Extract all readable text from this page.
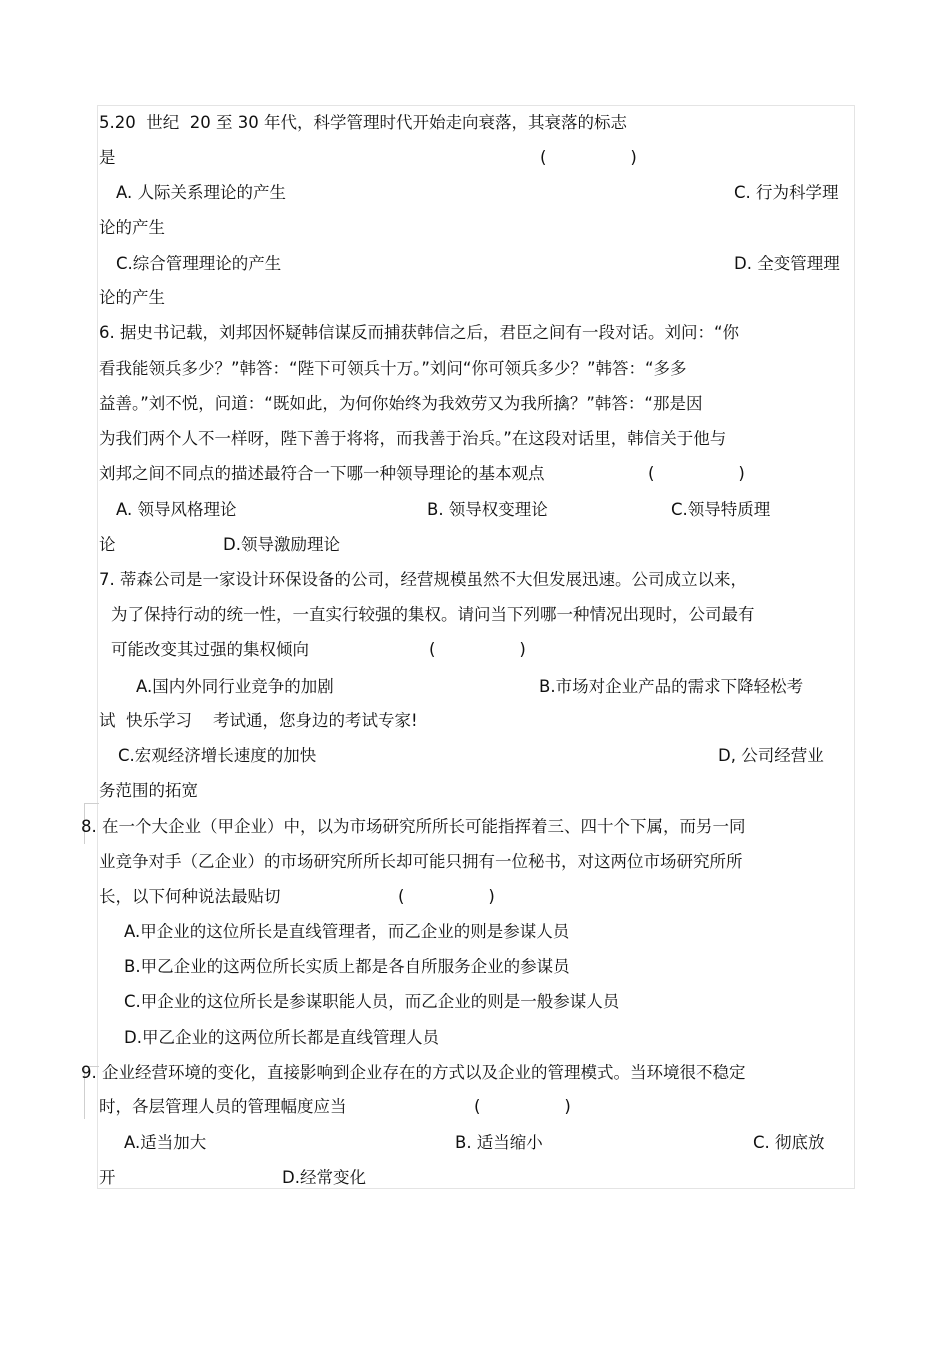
5.20  世纪  20 至 30 年代，科学管理时代开始走向衰落，其衰落的标志
是	(                )
A. 人际关系理论的产生	C. 行为科学理
论的产生
C.综合管理理论的产生	D. 全变管理理
论的产生
6. 据史书记载，刘邦因怀疑韩信谋反而捕获韩信之后，君臣之间有一段对话。刘问：“你
看我能领兵多少？”韩答：“陛下可领兵十万。”刘问“你可领兵多少？”韩答：“多多
益善。”刘不悦，问道：“既如此，为何你始终为我效劳又为我所擒？”韩答：“那是因
为我们两个人不一样呀，陛下善于将将，而我善于治兵。”在这段对话里，韩信关于他与
刘邦之间不同点的描述最符合一下哪一种领导理论的基本观点	(                )
A. 领导风格理论	B. 领导权变理论	C.领导特质理
论	D.领导激励理论
7. 蒂森公司是一家设计环保设备的公司，经营规模虽然不大但发展迅速。公司成立以来，
为了保持行动的统一性，一直实行较强的集权。请问当下列哪一种情况出现时，公司最有
可能改变其过强的集权倾向	(                )
A.国内外同行业竞争的加剧	B.市场对企业产品的需求下降轻松考
试  快乐学习    考试通，您身边的考试专家!
C.宏观经济增长速度的加快	D, 公司经营业
务范围的拓宽
8. 在一个大企业（甲企业）中，以为市场研究所所长可能指挥着三、四十个下属，而另一同
业竞争对手（乙企业）的市场研究所所长却可能只拥有一位秘书，对这两位市场研究所所
长，以下何种说法最贴切	(                )
A.甲企业的这位所长是直线管理者，而乙企业的则是参谋人员
B.甲乙企业的这两位所长实质上都是各自所服务企业的参谋员
C.甲企业的这位所长是参谋职能人员，而乙企业的则是一般参谋人员
D.甲乙企业的这两位所长都是直线管理人员
9. 企业经营环境的变化，直接影响到企业存在的方式以及企业的管理模式。当环境很不稳定
时，各层管理人员的管理幅度应当	(                )
A.适当加大	B. 适当缩小	C. 彻底放
开	D.经常变化
